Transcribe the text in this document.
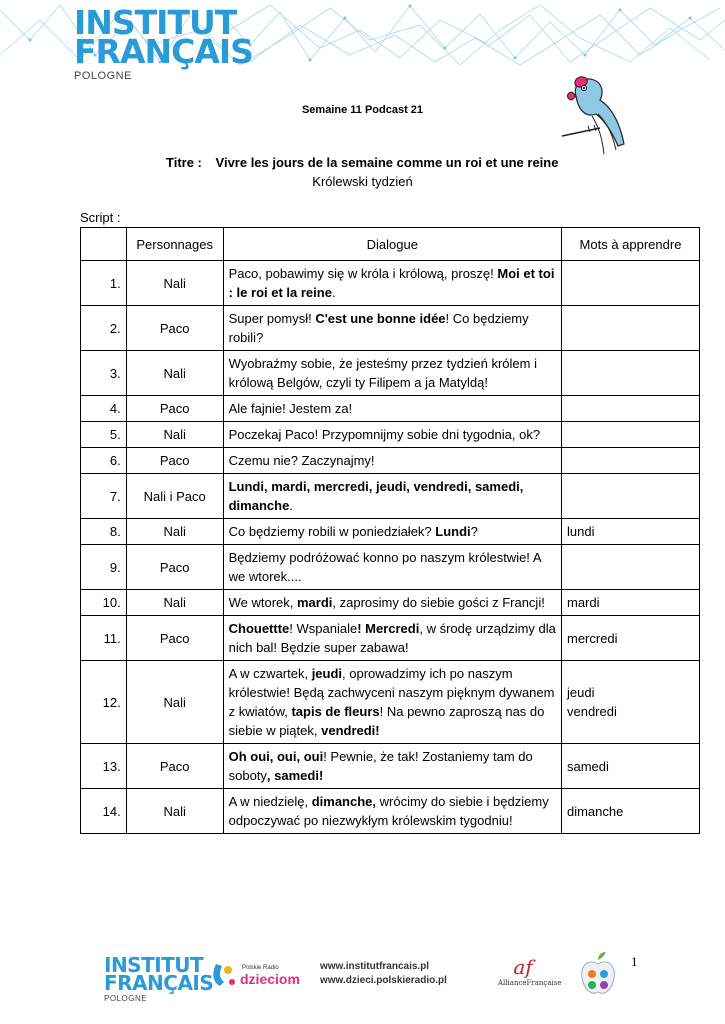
INSTITUT
FRANÇAIS
POLOGNE
Semaine 11 Podcast 21
Titre : Vivre les jours de la semaine comme un roi et une reine
Królewski tydzień
Script :
	Personnages	Dialogue	Mots à apprendre
1.	Nali	Paco, pobawimy się w króla i królową, proszę! Moi et toi : le roi et la reine.	
2.	Paco	Super pomysł! C'est une bonne idée! Co będziemy robili?	
3.	Nali	Wyobraźmy sobie, że jesteśmy przez tydzień królem i królową Belgów, czyli ty Filipem a ja Matyldą!	
4.	Paco	Ale fajnie! Jestem za!	
5.	Nali	Poczekaj Paco! Przypomnijmy sobie dni tygodnia, ok?	
6.	Paco	Czemu nie? Zaczynajmy!	
7.	Nali i Paco	Lundi, mardi, mercredi, jeudi, vendredi, samedi, dimanche.	
8.	Nali	Co będziemy robili w poniedziałek? Lundi?	lundi
9.	Paco	Będziemy podróżować konno po naszym królestwie! A we wtorek....	
10.	Nali	We wtorek, mardi, zaprosimy do siebie gości z Francji!	mardi
11.	Paco	Chouettte! Wspaniale! Mercredi, w środę urządzimy dla nich bal! Będzie super zabawa!	mercredi
12.	Nali	A w czwartek, jeudi, oprowadzimy ich po naszym królestwie! Będą zachwyceni naszym pięknym dywanem z kwiatów, tapis de fleurs! Na pewno zaproszą nas do siebie w piątek, vendredi!	jeudi
vendredi
13.	Paco	Oh oui, oui, oui! Pewnie, że tak! Zostaniemy tam do soboty, samedi!	samedi
14.	Nali	A w niedzielę, dimanche, wrócimy do siebie i będziemy odpoczywać po niezwykłym królewskim tygodniu!	dimanche
INSTITUT
FRANÇAIS
POLOGNE
Polskie Radio
dzieciom
www.institutfrancais.pl
www.dzieci.polskieradio.pl
af
AllianceFrançaise
1
